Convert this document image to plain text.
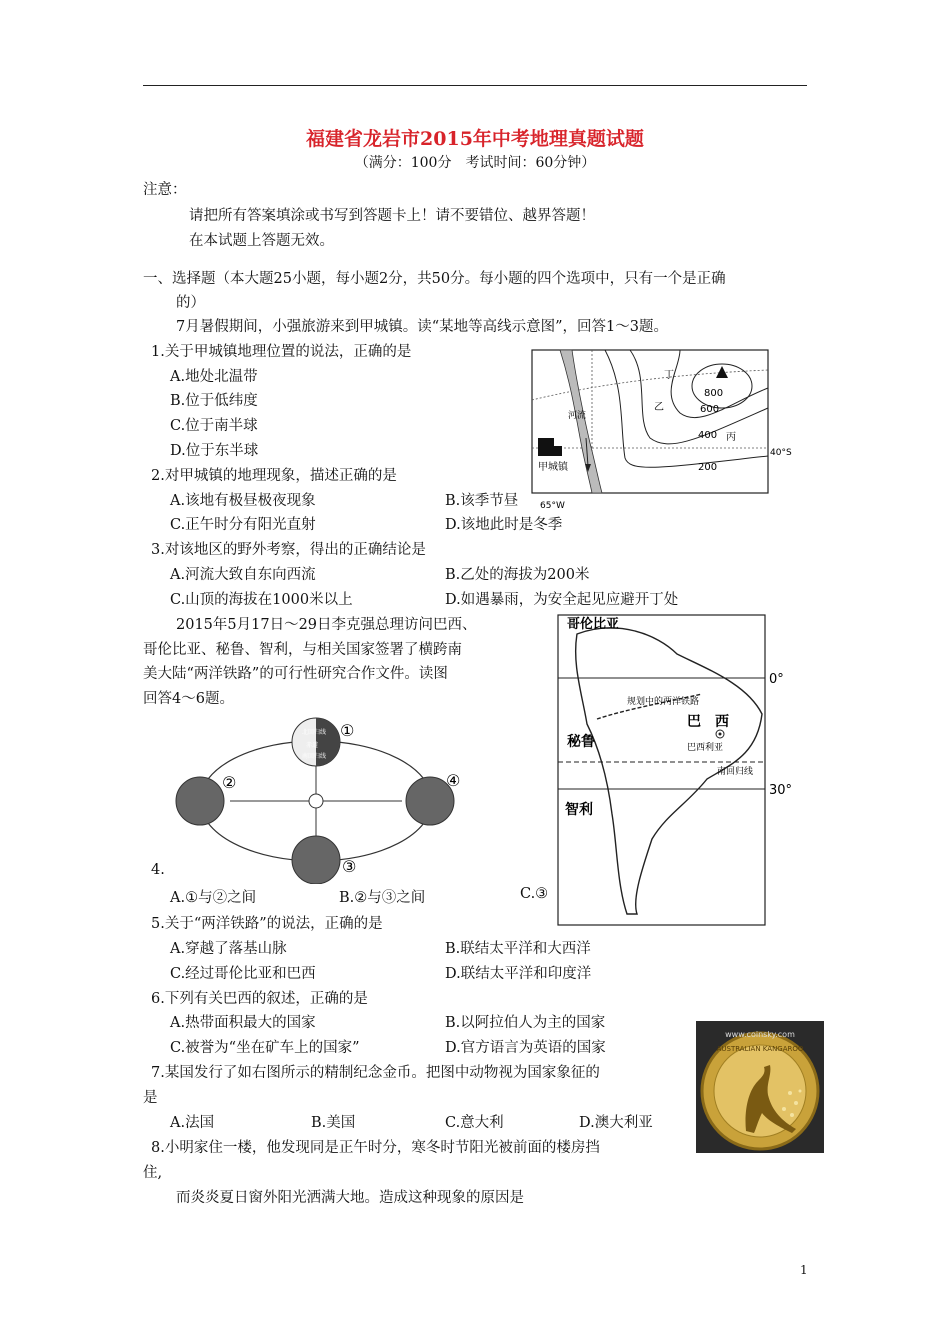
福建省龙岩市2015年中考地理真题试题
（满分：100分　考试时间：60分钟）
注意：
请把所有答案填涂或书写到答题卡上！请不要错位、越界答题！
在本试题上答题无效。
一、选择题（本大题25小题，每小题2分，共50分。每小题的四个选项中，只有一个是正确
的）
7月暑假期间，小强旅游来到甲城镇。读“某地等高线示意图”，回答1～3题。
1.关于甲城镇地理位置的说法，正确的是
A.地处北温带
B.位于低纬度
C.位于南半球
D.位于东半球
2.对甲城镇的地理现象，描述正确的是
A.该地有极昼极夜现象	B.该季节昼
C.正午时分有阳光直射	D.该地此时是冬季
3.对该地区的野外考察，得出的正确结论是
A.河流大致自东向西流	B.乙处的海拔为200米
C.山顶的海拔在1000米以上	D.如遇暴雨，为安全起见应避开丁处
2015年5月17日～29日李克强总理访问巴西、
哥伦比亚、秘鲁、智利，与相关国家签署了横跨南
美大陆“两洋铁路”的可行性研究合作文件。读图
回答4～6题。
4.
A.①与②之间	B.②与③之间	C.③
5.关于“两洋铁路”的说法，正确的是
A.穿越了落基山脉	B.联结太平洋和大西洋
C.经过哥伦比亚和巴西	D.联结太平洋和印度洋
6.下列有关巴西的叙述，正确的是
A.热带面积最大的国家	B.以阿拉伯人为主的国家
C.被誉为“坐在矿车上的国家”	D.官方语言为英语的国家
7.某国发行了如右图所示的精制纪念金币。把图中动物视为国家象征的
是
A.法国	B.美国	C.意大利	D.澳大利亚
8.小明家住一楼，他发现同是正午时分，寒冬时节阳光被前面的楼房挡
住,
而炎炎夏日窗外阳光洒满大地。造成这种现象的原因是
1
甲城镇
河流
丁
乙
丙
800
600
400
200
40°S
65°W
北回归线
赤道
南回归线
①
②
③
④
哥伦比亚
巴　西
秘鲁
智利
巴西利亚
规划中的两洋铁路
南回归线
0°
30°
www.coinsky.com
AUSTRALIAN KANGAROO
